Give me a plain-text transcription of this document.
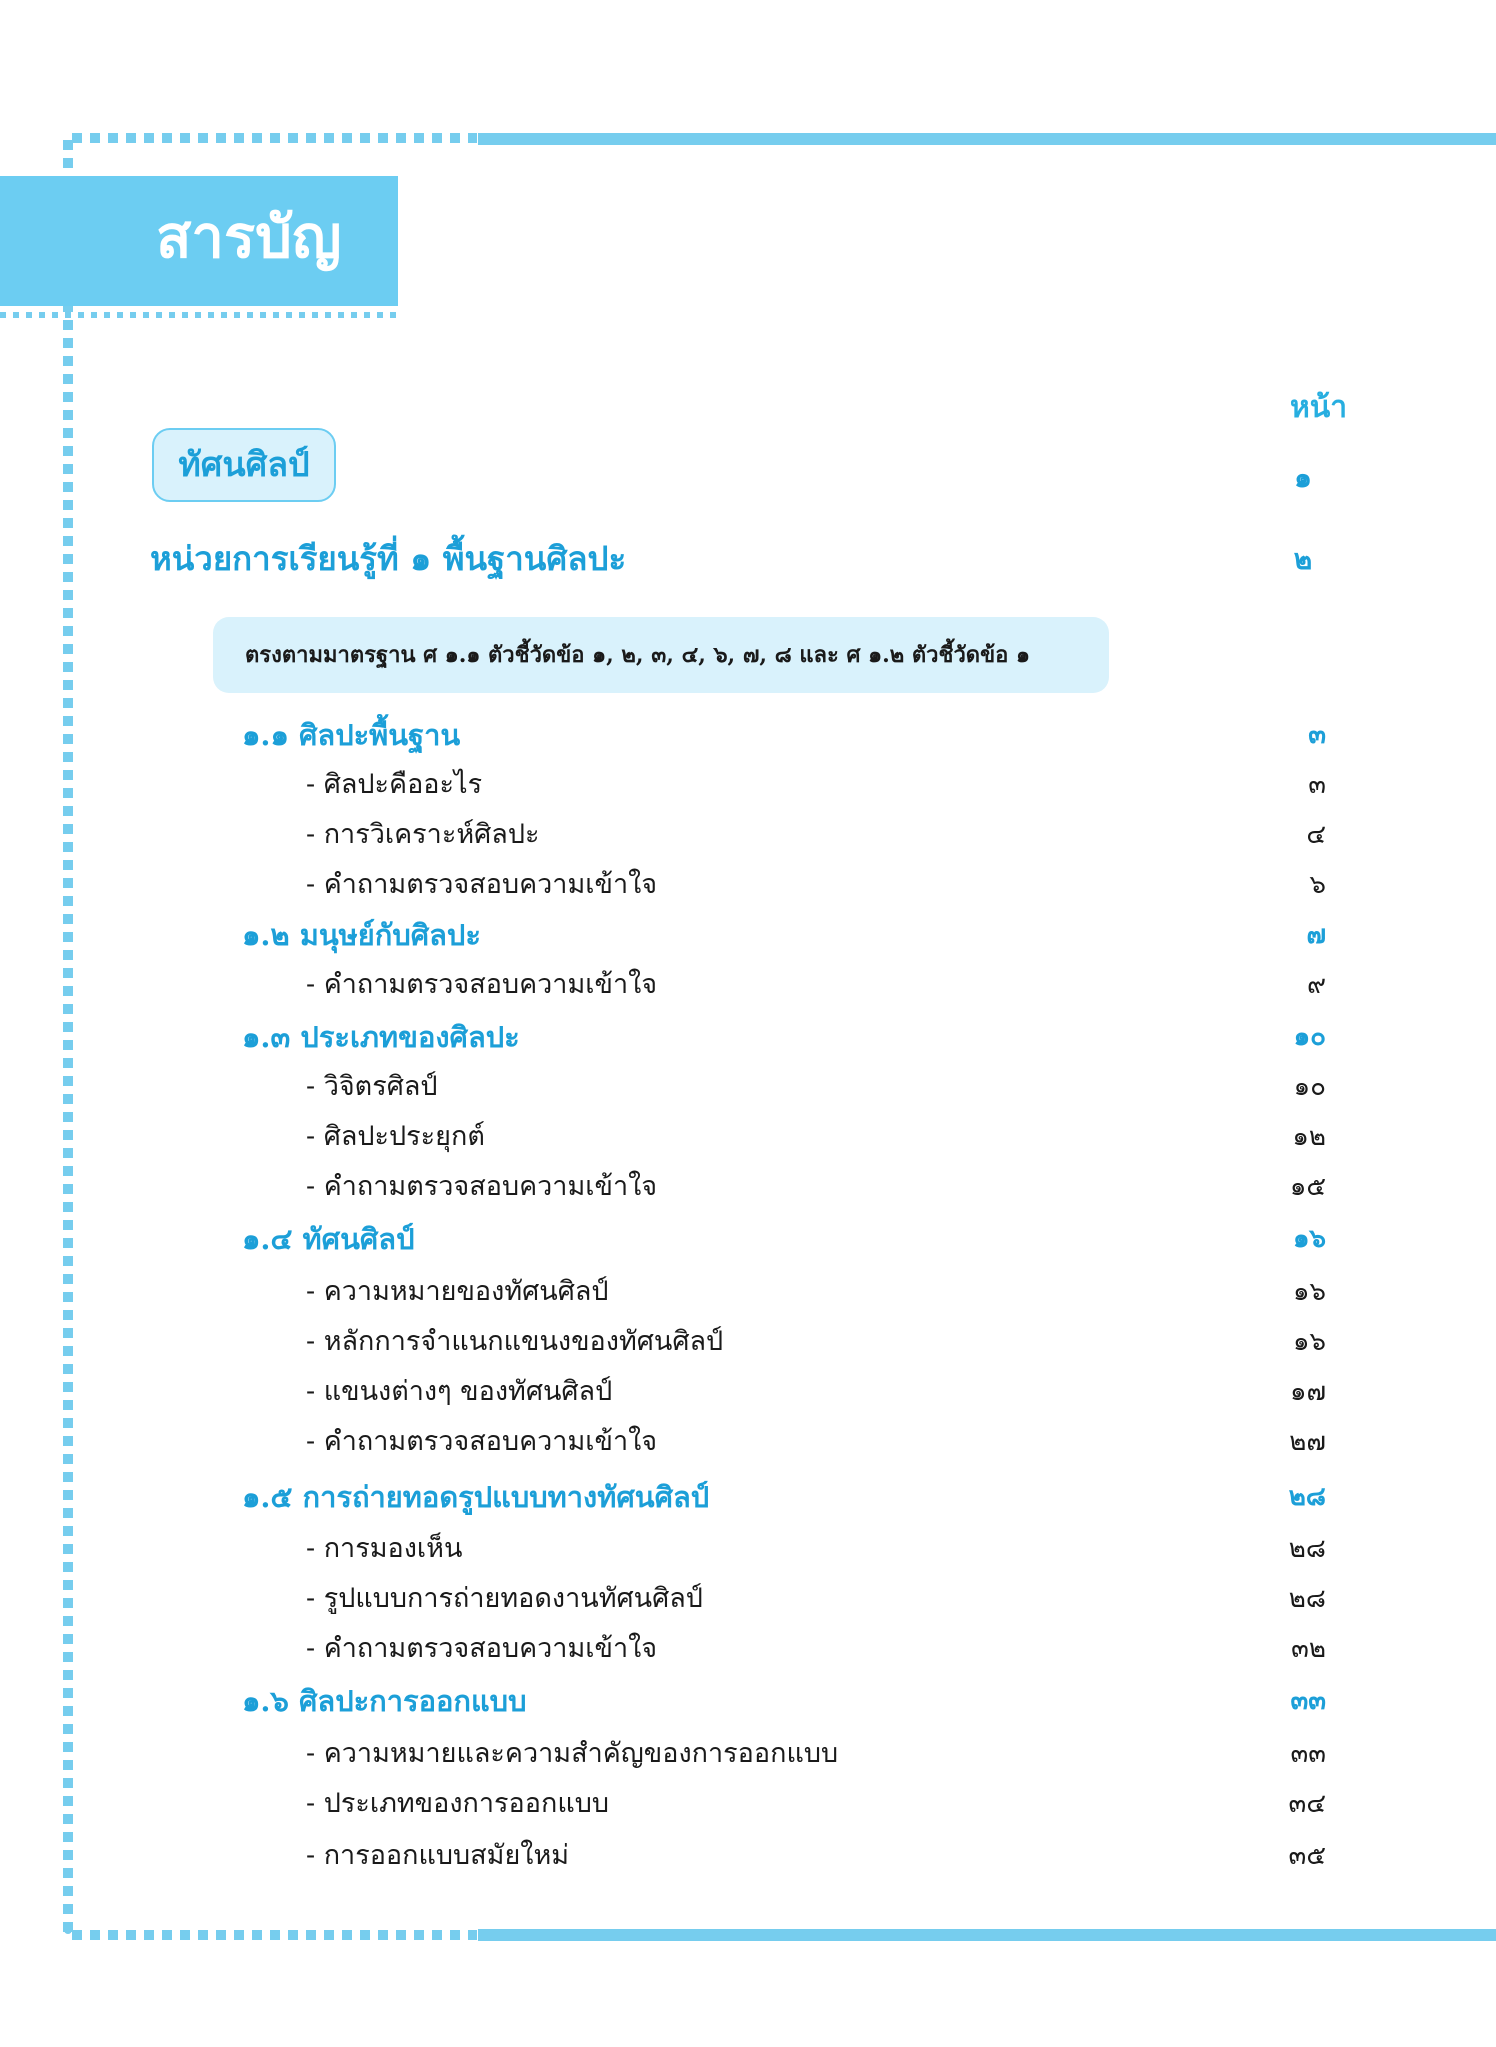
สารบัญ
หน้า
ทัศนศิลป์	๑
หน่วยการเรียนรู้ที่ ๑ พื้นฐานศิลปะ	๒
ตรงตามมาตรฐาน ศ ๑.๑ ตัวชี้วัดข้อ ๑, ๒, ๓, ๔, ๖, ๗, ๘ และ ศ ๑.๒ ตัวชี้วัดข้อ ๑
๑.๑ ศิลปะพื้นฐาน	๓
- ศิลปะคืออะไร	๓
- การวิเคราะห์ศิลปะ	๔
- คำถามตรวจสอบความเข้าใจ	๖
๑.๒ มนุษย์กับศิลปะ	๗
- คำถามตรวจสอบความเข้าใจ	๙
๑.๓ ประเภทของศิลปะ	๑๐
- วิจิตรศิลป์	๑๐
- ศิลปะประยุกต์	๑๒
- คำถามตรวจสอบความเข้าใจ	๑๕
๑.๔ ทัศนศิลป์	๑๖
- ความหมายของทัศนศิลป์	๑๖
- หลักการจำแนกแขนงของทัศนศิลป์	๑๖
- แขนงต่างๆ ของทัศนศิลป์	๑๗
- คำถามตรวจสอบความเข้าใจ	๒๗
๑.๕ การถ่ายทอดรูปแบบทางทัศนศิลป์	๒๘
- การมองเห็น	๒๘
- รูปแบบการถ่ายทอดงานทัศนศิลป์	๒๘
- คำถามตรวจสอบความเข้าใจ	๓๒
๑.๖ ศิลปะการออกแบบ	๓๓
- ความหมายและความสำคัญของการออกแบบ	๓๓
- ประเภทของการออกแบบ	๓๔
- การออกแบบสมัยใหม่	๓๕
